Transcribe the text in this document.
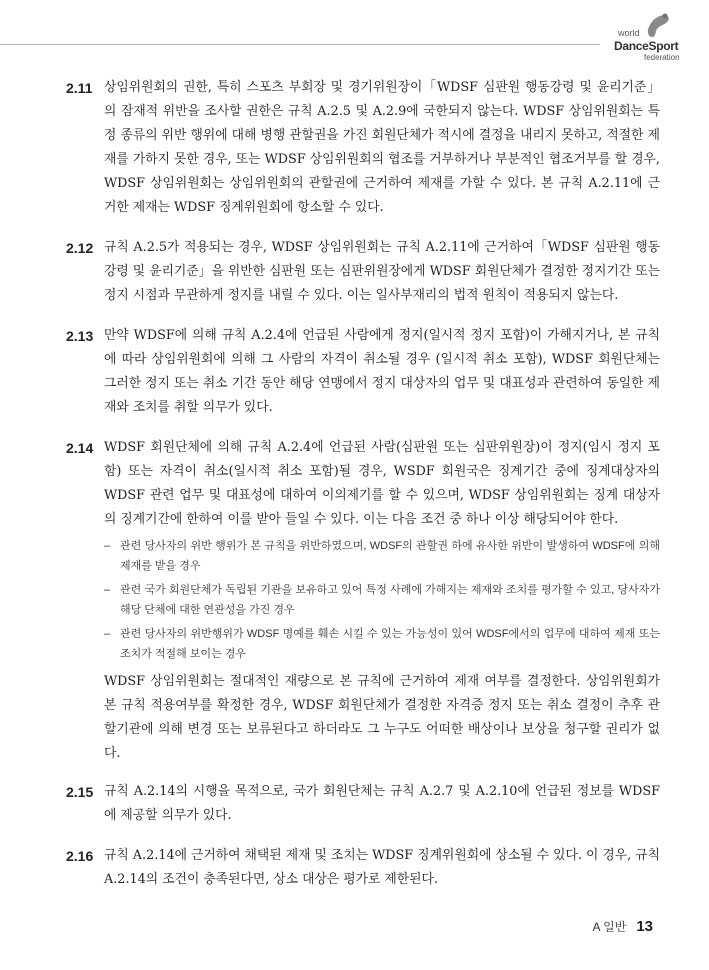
world
DanceSport
federation
2.11 상임위원회의 권한, 특히 스포츠 부회장 및 경기위원장이「WDSF 심판원 행동강령 및 윤리기준」의 잠재적 위반을 조사할 권한은 규칙 A.2.5 및 A.2.9에 국한되지 않는다. WDSF 상임위원회는 특정 종류의 위반 행위에 대해 병행 관할권을 가진 회원단체가 적시에 결정을 내리지 못하고, 적절한 제재를 가하지 못한 경우, 또는 WDSF 상임위원회의 협조를 거부하거나 부분적인 협조거부를 할 경우, WDSF 상임위원회는 상임위원회의 관할권에 근거하여 제재를 가할 수 있다. 본 규칙 A.2.11에 근거한 제재는 WDSF 징계위원회에 항소할 수 있다.
2.12 규칙 A.2.5가 적용되는 경우, WDSF 상임위원회는 규칙 A.2.11에 근거하여「WDSF 심판원 행동강령 및 윤리기준」을 위반한 심판원 또는 심판위원장에게 WDSF 회원단체가 결정한 정지기간 또는 정지 시점과 무관하게 정지를 내릴 수 있다. 이는 일사부재리의 법적 원칙이 적용되지 않는다.
2.13 만약 WDSF에 의해 규칙 A.2.4에 언급된 사람에게 정지(일시적 정지 포함)이 가해지거나, 본 규칙에 따라 상임위원회에 의해 그 사람의 자격이 취소될 경우 (일시적 취소 포함), WDSF 회원단체는 그러한 정지 또는 취소 기간 동안 해당 연맹에서 정지 대상자의 업무 및 대표성과 관련하여 동일한 제재와 조치를 취할 의무가 있다.
2.14 WDSF 회원단체에 의해 규칙 A.2.4에 언급된 사람(심판원 또는 심판위원장)이 정지(임시 정지 포함) 또는 자격이 취소(일시적 취소 포함)될 경우, WSDF 회원국은 징계기간 중에 징계대상자의 WDSF 관련 업무 및 대표성에 대하여 이의제기를 할 수 있으며, WDSF 상임위원회는 징계 대상자의 징계기간에 한하여 이를 받아 들일 수 있다. 이는 다음 조건 중 하나 이상 해당되어야 한다.
– 관련 당사자의 위반 행위가 본 규칙을 위반하였으며, WDSF의 관할권 하에 유사한 위반이 발생하여 WDSF에 의해 제재를 받을 경우
– 관련 국가 회원단체가 독립된 기관을 보유하고 있어 특정 사례에 가해지는 제재와 조치를 평가할 수 있고, 당사자가 해당 단체에 대한 연관성을 가진 경우
– 관련 당사자의 위반행위가 WDSF 명예를 훼손 시킬 수 있는 가능성이 있어 WDSF에서의 업무에 대하여 제재 또는 조치가 적절해 보이는 경우
WDSF 상임위원회는 절대적인 재량으로 본 규칙에 근거하여 제재 여부를 결정한다. 상임위원회가 본 규칙 적용여부를 확정한 경우, WDSF 회원단체가 결정한 자격증 정지 또는 취소 결정이 추후 관할기관에 의해 변경 또는 보류된다고 하더라도 그 누구도 어떠한 배상이나 보상을 청구할 권리가 없다.
2.15 규칙 A.2.14의 시행을 목적으로, 국가 회원단체는 규칙 A.2.7 및 A.2.10에 언급된 정보를 WDSF에 제공할 의무가 있다.
2.16 규칙 A.2.14에 근거하여 채택된 제재 및 조치는 WDSF 징계위원회에 상소될 수 있다. 이 경우, 규칙 A.2.14의 조건이 충족된다면, 상소 대상은 평가로 제한된다.
A 일반 13
